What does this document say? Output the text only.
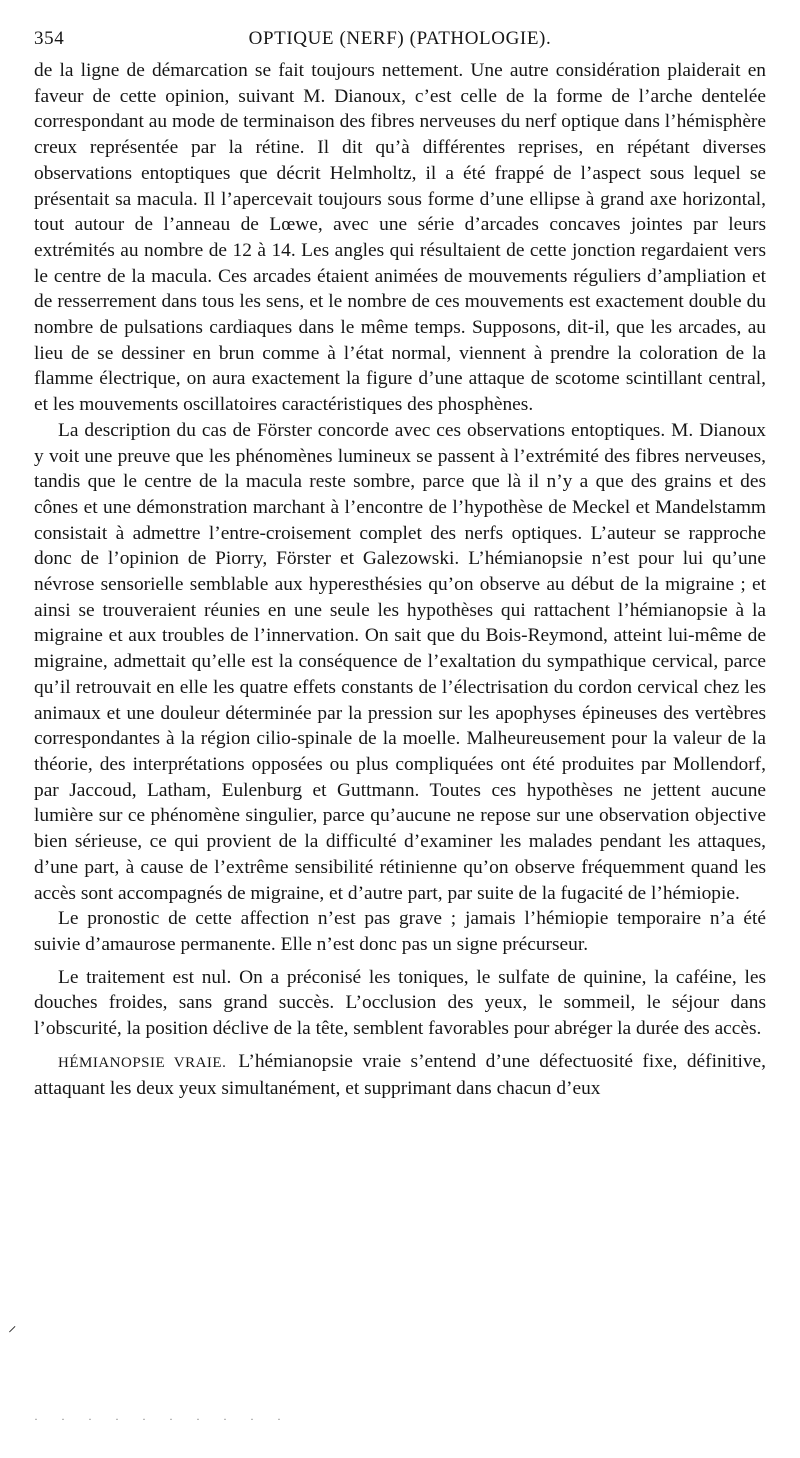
354	OPTIQUE (NERF) (PATHOLOGIE).

de la ligne de démarcation se fait toujours nettement. Une autre considération plaiderait en faveur de cette opinion, suivant M. Dianoux, c’est celle de la forme de l’arche dentelée correspondant au mode de terminaison des fibres nerveuses du nerf optique dans l’hémisphère creux représentée par la rétine. Il dit qu’à différentes reprises, en répétant diverses observations entoptiques que décrit Helmholtz, il a été frappé de l’aspect sous lequel se présentait sa macula. Il l’apercevait toujours sous forme d’une ellipse à grand axe horizontal, tout autour de l’anneau de Lœwe, avec une série d’arcades concaves jointes par leurs extrémités au nombre de 12 à 14. Les angles qui résultaient de cette jonction regardaient vers le centre de la macula. Ces arcades étaient animées de mouvements réguliers d’ampliation et de resserrement dans tous les sens, et le nombre de ces mouvements est exactement double du nombre de pulsations cardiaques dans le même temps. Supposons, dit-il, que les arcades, au lieu de se dessiner en brun comme à l’état normal, viennent à prendre la coloration de la flamme électrique, on aura exactement la figure d’une attaque de scotome scintillant central, et les mouvements oscillatoires caractéristiques des phosphènes.

La description du cas de Förster concorde avec ces observations entoptiques. M. Dianoux y voit une preuve que les phénomènes lumineux se passent à l’extrémité des fibres nerveuses, tandis que le centre de la macula reste sombre, parce que là il n’y a que des grains et des cônes et une démonstration marchant à l’encontre de l’hypothèse de Meckel et Mandelstamm consistait à admettre l’entre-croisement complet des nerfs optiques. L’auteur se rapproche donc de l’opinion de Piorry, Förster et Galezowski. L’hémianopsie n’est pour lui qu’une névrose sensorielle semblable aux hyperesthésies qu’on observe au début de la migraine ; et ainsi se trouveraient réunies en une seule les hypothèses qui rattachent l’hémianopsie à la migraine et aux troubles de l’innervation. On sait que du Bois-Reymond, atteint lui-même de migraine, admettait qu’elle est la conséquence de l’exaltation du sympathique cervical, parce qu’il retrouvait en elle les quatre effets constants de l’électrisation du cordon cervical chez les animaux et une douleur déterminée par la pression sur les apophyses épineuses des vertèbres correspondantes à la région cilio-spinale de la moelle. Malheureusement pour la valeur de la théorie, des interprétations opposées ou plus compliquées ont été produites par Mollendorf, par Jaccoud, Latham, Eulenburg et Guttmann. Toutes ces hypothèses ne jettent aucune lumière sur ce phénomène singulier, parce qu’aucune ne repose sur une observation objective bien sérieuse, ce qui provient de la difficulté d’examiner les malades pendant les attaques, d’une part, à cause de l’extrême sensibilité rétinienne qu’on observe fréquemment quand les accès sont accompagnés de migraine, et d’autre part, par suite de la fugacité de l’hémiopie.

Le pronostic de cette affection n’est pas grave ; jamais l’hémiopie temporaire n’a été suivie d’amaurose permanente. Elle n’est donc pas un signe précurseur.

Le traitement est nul. On a préconisé les toniques, le sulfate de quinine, la caféine, les douches froides, sans grand succès. L’occlusion des yeux, le sommeil, le séjour dans l’obscurité, la position déclive de la tête, semblent favorables pour abréger la durée des accès.

HÉMIANOPSIE VRAIE. L’hémianopsie vraie s’entend d’une défectuosité fixe, définitive, attaquant les deux yeux simultanément, et supprimant dans chacun d’eux

⸝
· · · · · · · · · ·
